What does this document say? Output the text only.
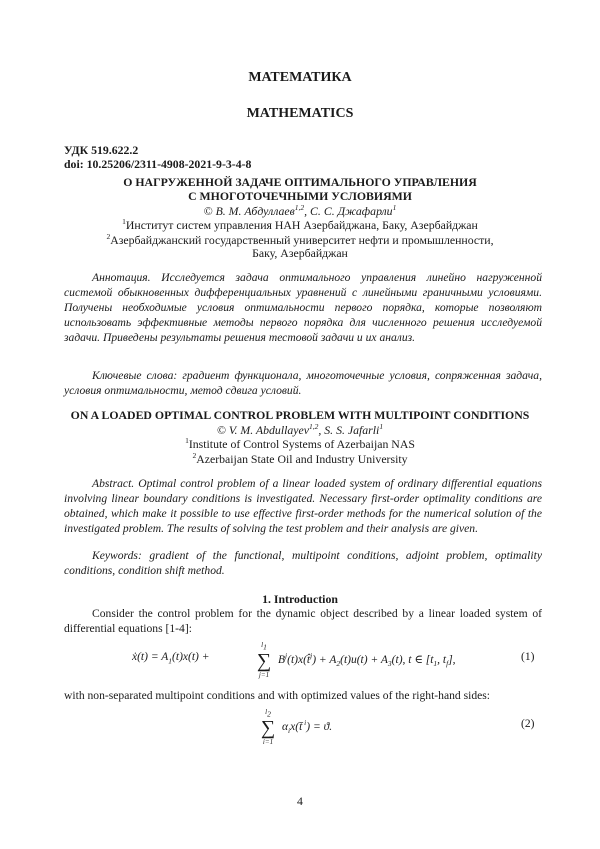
МАТЕМАТИКА
MATHEMATICS
УДК 519.622.2
doi: 10.25206/2311-4908-2021-9-3-4-8
О НАГРУЖЕННОЙ ЗАДАЧЕ ОПТИМАЛЬНОГО УПРАВЛЕНИЯ
С МНОГОТОЧЕЧНЫМИ УСЛОВИЯМИ
© В. М. Абдуллаев$^{1,2}$, С. С. Джафарли$^1$
$^1$Институт систем управления НАН Азербайджана, Баку, Азербайджан
$^2$Азербайджанский государственный университет нефти и промышленности,
Баку, Азербайджан
Аннотация. Исследуется задача оптимального управления линейно нагруженной системой обыкновенных дифференциальных уравнений с линейными граничными условиями. Получены необходимые условия оптимальности первого порядка, которые позволяют использовать эффективные методы первого порядка для численного решения исследуемой задачи. Приведены результаты решения тестовой задачи и их анализ.
Ключевые слова: градиент функционала, многоточечные условия, сопряженная задача, условия оптимальности, метод сдвига условий.
ON A LOADED OPTIMAL CONTROL PROBLEM WITH MULTIPOINT CONDITIONS
© V. M. Abdullayev$^{1,2}$, S. S. Jafarli$^1$
$^1$Institute of Control Systems of Azerbaijan NAS
$^2$Azerbaijan State Oil and Industry University
Abstract. Optimal control problem of a linear loaded system of ordinary differential equations involving linear boundary conditions is investigated. Necessary first-order optimality conditions are obtained, which make it possible to use effective first-order methods for the numerical solution of the investigated problem. The results of solving the test problem and their analysis are given.
Keywords: gradient of the functional, multipoint conditions, adjoint problem, optimality conditions, condition shift method.
1. Introduction
Consider the control problem for the dynamic object described by a linear loaded system of differential equations [1-4]:
ẋ(t) = $A_1(t)x(t)$ +
$l_1$
∑
j=1
$B^j(t)x(t̂^j) + A_2(t)u(t) + A_3(t)$, t ∈ [$t_1$, $t_f$],	(1)
with non-separated multipoint conditions and with optimized values of the right-hand sides:
$l_2$
∑
i=1
$\alpha_ix(t̄$ $^i$) = ϑ.	(2)
4
